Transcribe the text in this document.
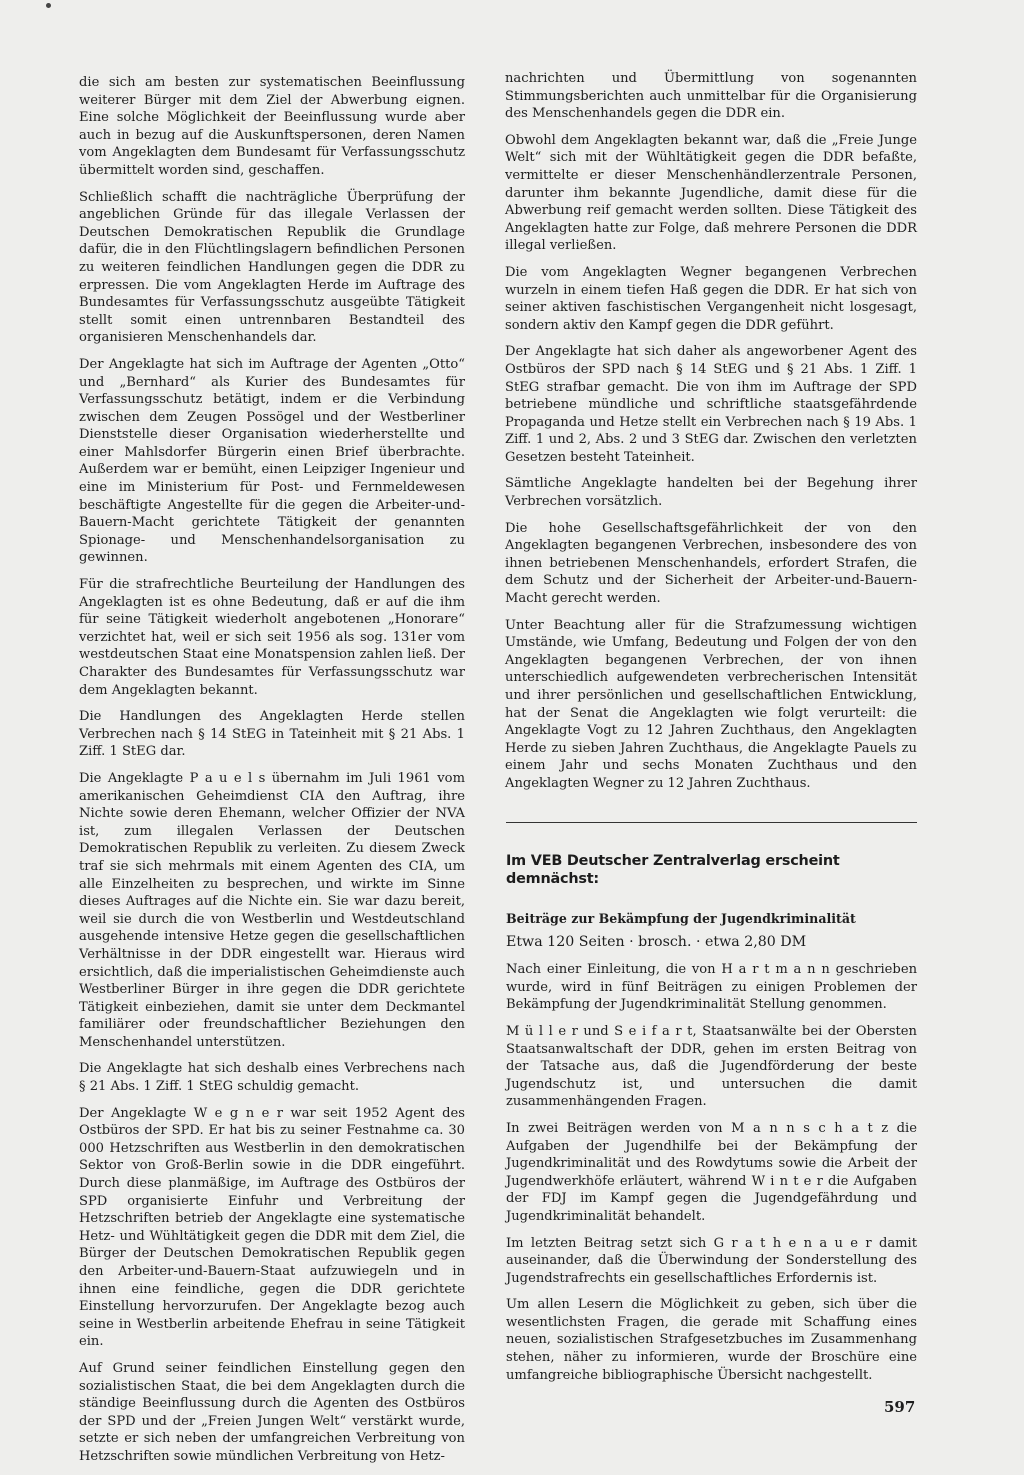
die sich am besten zur systematischen Beeinflussung weiterer Bürger mit dem Ziel der Abwerbung eignen. Eine solche Möglichkeit der Beeinflussung wurde aber auch in bezug auf die Auskunftspersonen, deren Namen vom Angeklagten dem Bundesamt für Verfassungsschutz übermittelt worden sind, geschaffen.

Schließlich schafft die nachträgliche Überprüfung der angeblichen Gründe für das illegale Verlassen der Deutschen Demokratischen Republik die Grundlage dafür, die in den Flüchtlingslagern befindlichen Personen zu weiteren feindlichen Handlungen gegen die DDR zu erpressen. Die vom Angeklagten Herde im Auftrage des Bundesamtes für Verfassungsschutz ausgeübte Tätigkeit stellt somit einen untrennbaren Bestandteil des organisieren Menschenhandels dar.

Der Angeklagte hat sich im Auftrage der Agenten „Otto“ und „Bernhard“ als Kurier des Bundesamtes für Verfassungsschutz betätigt, indem er die Verbindung zwischen dem Zeugen Possögel und der Westberliner Dienststelle dieser Organisation wiederherstellte und einer Mahlsdorfer Bürgerin einen Brief überbrachte. Außerdem war er bemüht, einen Leipziger Ingenieur und eine im Ministerium für Post- und Fernmeldewesen beschäftigte Angestellte für die gegen die Arbeiter-und-Bauern-Macht gerichtete Tätigkeit der genannten Spionage- und Menschenhandelsorganisation zu gewinnen.

Für die strafrechtliche Beurteilung der Handlungen des Angeklagten ist es ohne Bedeutung, daß er auf die ihm für seine Tätigkeit wiederholt angebotenen „Honorare“ verzichtet hat, weil er sich seit 1956 als sog. 131er vom westdeutschen Staat eine Monatspension zahlen ließ. Der Charakter des Bundesamtes für Verfassungsschutz war dem Angeklagten bekannt.

Die Handlungen des Angeklagten Herde stellen Verbrechen nach § 14 StEG in Tateinheit mit § 21 Abs. 1 Ziff. 1 StEG dar.

Die Angeklagte P a u e l s übernahm im Juli 1961 vom amerikanischen Geheimdienst CIA den Auftrag, ihre Nichte sowie deren Ehemann, welcher Offizier der NVA ist, zum illegalen Verlassen der Deutschen Demokratischen Republik zu verleiten. Zu diesem Zweck traf sie sich mehrmals mit einem Agenten des CIA, um alle Einzelheiten zu besprechen, und wirkte im Sinne dieses Auftrages auf die Nichte ein. Sie war dazu bereit, weil sie durch die von Westberlin und Westdeutschland ausgehende intensive Hetze gegen die gesellschaftlichen Verhältnisse in der DDR eingestellt war. Hieraus wird ersichtlich, daß die imperialistischen Geheimdienste auch Westberliner Bürger in ihre gegen die DDR gerichtete Tätigkeit einbeziehen, damit sie unter dem Deckmantel familiärer oder freundschaftlicher Beziehungen den Menschenhandel unterstützen.

Die Angeklagte hat sich deshalb eines Verbrechens nach § 21 Abs. 1 Ziff. 1 StEG schuldig gemacht.

Der Angeklagte W e g n e r war seit 1952 Agent des Ostbüros der SPD. Er hat bis zu seiner Festnahme ca. 30 000 Hetzschriften aus Westberlin in den demokratischen Sektor von Groß-Berlin sowie in die DDR eingeführt. Durch diese planmäßige, im Auftrage des Ostbüros der SPD organisierte Einfuhr und Verbreitung der Hetzschriften betrieb der Angeklagte eine systematische Hetz- und Wühltätigkeit gegen die DDR mit dem Ziel, die Bürger der Deutschen Demokratischen Republik gegen den Arbeiter-und-Bauern-Staat aufzuwiegeln und in ihnen eine feindliche, gegen die DDR gerichtete Einstellung hervorzurufen. Der Angeklagte bezog auch seine in Westberlin arbeitende Ehefrau in seine Tätigkeit ein.

Auf Grund seiner feindlichen Einstellung gegen den sozialistischen Staat, die bei dem Angeklagten durch die ständige Beeinflussung durch die Agenten des Ostbüros der SPD und der „Freien Jungen Welt“ verstärkt wurde, setzte er sich neben der umfangreichen Verbreitung von Hetzschriften sowie mündlichen Verbreitung von Hetz-

nachrichten und Übermittlung von sogenannten Stimmungsberichten auch unmittelbar für die Organisierung des Menschenhandels gegen die DDR ein.

Obwohl dem Angeklagten bekannt war, daß die „Freie Junge Welt“ sich mit der Wühltätigkeit gegen die DDR befaßte, vermittelte er dieser Menschenhändlerzentrale Personen, darunter ihm bekannte Jugendliche, damit diese für die Abwerbung reif gemacht werden sollten. Diese Tätigkeit des Angeklagten hatte zur Folge, daß mehrere Personen die DDR illegal verließen.

Die vom Angeklagten Wegner begangenen Verbrechen wurzeln in einem tiefen Haß gegen die DDR. Er hat sich von seiner aktiven faschistischen Vergangenheit nicht losgesagt, sondern aktiv den Kampf gegen die DDR geführt.

Der Angeklagte hat sich daher als angeworbener Agent des Ostbüros der SPD nach § 14 StEG und § 21 Abs. 1 Ziff. 1 StEG strafbar gemacht. Die von ihm im Auftrage der SPD betriebene mündliche und schriftliche staatsgefährdende Propaganda und Hetze stellt ein Verbrechen nach § 19 Abs. 1 Ziff. 1 und 2, Abs. 2 und 3 StEG dar. Zwischen den verletzten Gesetzen besteht Tateinheit.

Sämtliche Angeklagte handelten bei der Begehung ihrer Verbrechen vorsätzlich.

Die hohe Gesellschaftsgefährlichkeit der von den Angeklagten begangenen Verbrechen, insbesondere des von ihnen betriebenen Menschenhandels, erfordert Strafen, die dem Schutz und der Sicherheit der Arbeiter-und-Bauern-Macht gerecht werden.

Unter Beachtung aller für die Strafzumessung wichtigen Umstände, wie Umfang, Bedeutung und Folgen der von den Angeklagten begangenen Verbrechen, der von ihnen unterschiedlich aufgewendeten verbrecherischen Intensität und ihrer persönlichen und gesellschaftlichen Entwicklung, hat der Senat die Angeklagten wie folgt verurteilt: die Angeklagte Vogt zu 12 Jahren Zuchthaus, den Angeklagten Herde zu sieben Jahren Zuchthaus, die Angeklagte Pauels zu einem Jahr und sechs Monaten Zuchthaus und den Angeklagten Wegner zu 12 Jahren Zuchthaus.

Im VEB Deutscher Zentralverlag erscheint demnächst:

Beiträge zur Bekämpfung der Jugendkriminalität

Etwa 120 Seiten · brosch. · etwa 2,80 DM

Nach einer Einleitung, die von H a r t m a n n geschrieben wurde, wird in fünf Beiträgen zu einigen Problemen der Bekämpfung der Jugendkriminalität Stellung genommen.

M ü l l e r und S e i f a r t, Staatsanwälte bei der Obersten Staatsanwaltschaft der DDR, gehen im ersten Beitrag von der Tatsache aus, daß die Jugendförderung der beste Jugendschutz ist, und untersuchen die damit zusammenhängenden Fragen.

In zwei Beiträgen werden von M a n n s c h a t z die Aufgaben der Jugendhilfe bei der Bekämpfung der Jugendkriminalität und des Rowdytums sowie die Arbeit der Jugendwerkhöfe erläutert, während W i n t e r die Aufgaben der FDJ im Kampf gegen die Jugendgefährdung und Jugendkriminalität behandelt.

Im letzten Beitrag setzt sich G r a t h e n a u e r damit auseinander, daß die Überwindung der Sonderstellung des Jugendstrafrechts ein gesellschaftliches Erfordernis ist.

Um allen Lesern die Möglichkeit zu geben, sich über die wesentlichsten Fragen, die gerade mit Schaffung eines neuen, sozialistischen Strafgesetzbuches im Zusammenhang stehen, näher zu informieren, wurde der Broschüre eine umfangreiche bibliographische Übersicht nachgestellt.

597
